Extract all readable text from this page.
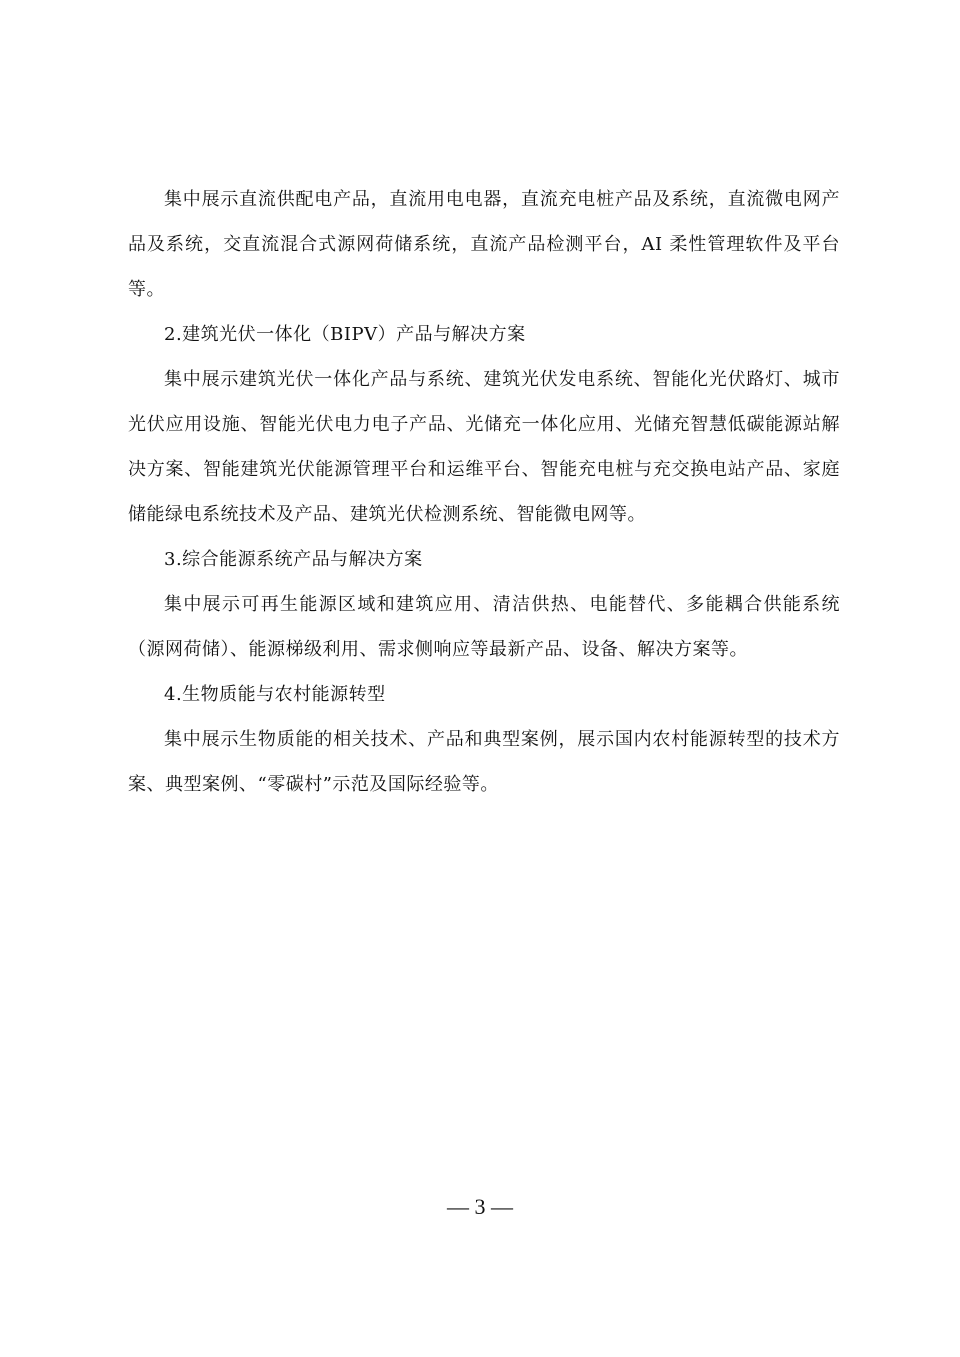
集中展示直流供配电产品，直流用电电器，直流充电桩产品及系统，直流微电网产品及系统，交直流混合式源网荷储系统，直流产品检测平台，AI 柔性管理软件及平台等。

2.建筑光伏一体化（BIPV）产品与解决方案

集中展示建筑光伏一体化产品与系统、建筑光伏发电系统、智能化光伏路灯、城市光伏应用设施、智能光伏电力电子产品、光储充一体化应用、光储充智慧低碳能源站解决方案、智能建筑光伏能源管理平台和运维平台、智能充电桩与充交换电站产品、家庭储能绿电系统技术及产品、建筑光伏检测系统、智能微电网等。

3.综合能源系统产品与解决方案

集中展示可再生能源区域和建筑应用、清洁供热、电能替代、多能耦合供能系统（源网荷储）、能源梯级利用、需求侧响应等最新产品、设备、解决方案等。

4.生物质能与农村能源转型

集中展示生物质能的相关技术、产品和典型案例，展示国内农村能源转型的技术方案、典型案例、“零碳村”示范及国际经验等。

— 3 —
